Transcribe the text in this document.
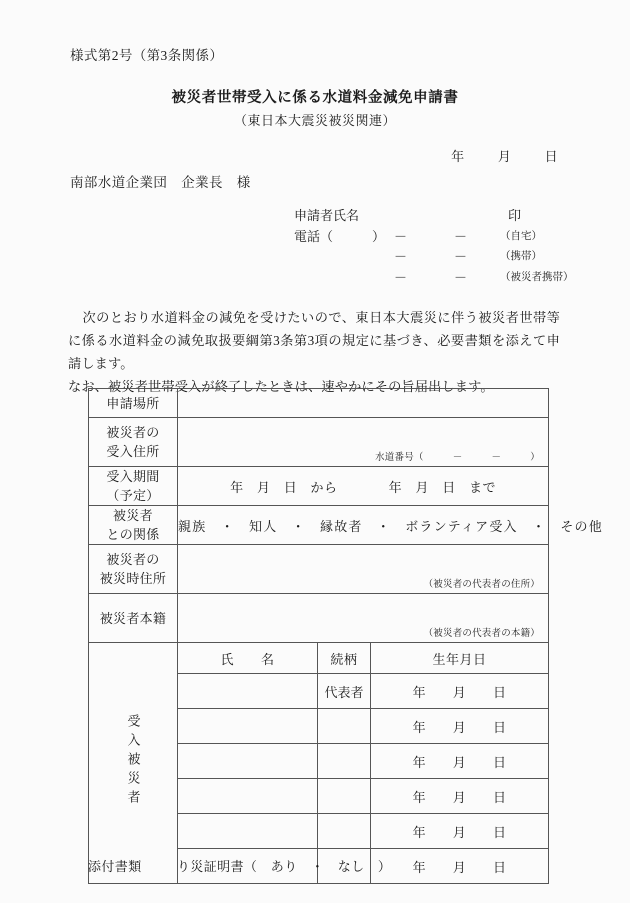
様式第2号（第3条関係）
被災者世帯受入に係る水道料金減免申請書
（東日本大震災被災関連）
年	月	日
南部水道企業団　企業長　様
申請者氏名	印
電話（　　　	） －	－	（自宅）
－	－	（携帯）
－	－	（被災者携帯）

次のとおり水道料金の減免を受けたいので、東日本大震災に伴う被災者世帯等に係る水道料金の減免取扱要綱第3条第3項の規定に基づき、必要書類を添えて申請します。

なお、被災者世帯受入が終了したときは、速やかにその旨届出します。

申請場所			

被災者の
受入住所	水道番号（　　　－　　　－　　　）		

受入期間
（予定）	年　月　日　から 年　月　日　まで		

被災者
との関係	親族　・　知人　・　縁故者　・　ボランティア受入　・　その他		

被災者の
被災時住所	（被災者の代表者の住所）		

被災者本籍	（被災者の代表者の本籍）		

受入被災者	氏　　名	続柄	生年月日
		代表者	年　　月　　日
			年　　月　　日
			年　　月　　日
			年　　月　　日
			年　　月　　日
			年　　月　　日
添付書類	り災証明書（　あり　・　なし　）
